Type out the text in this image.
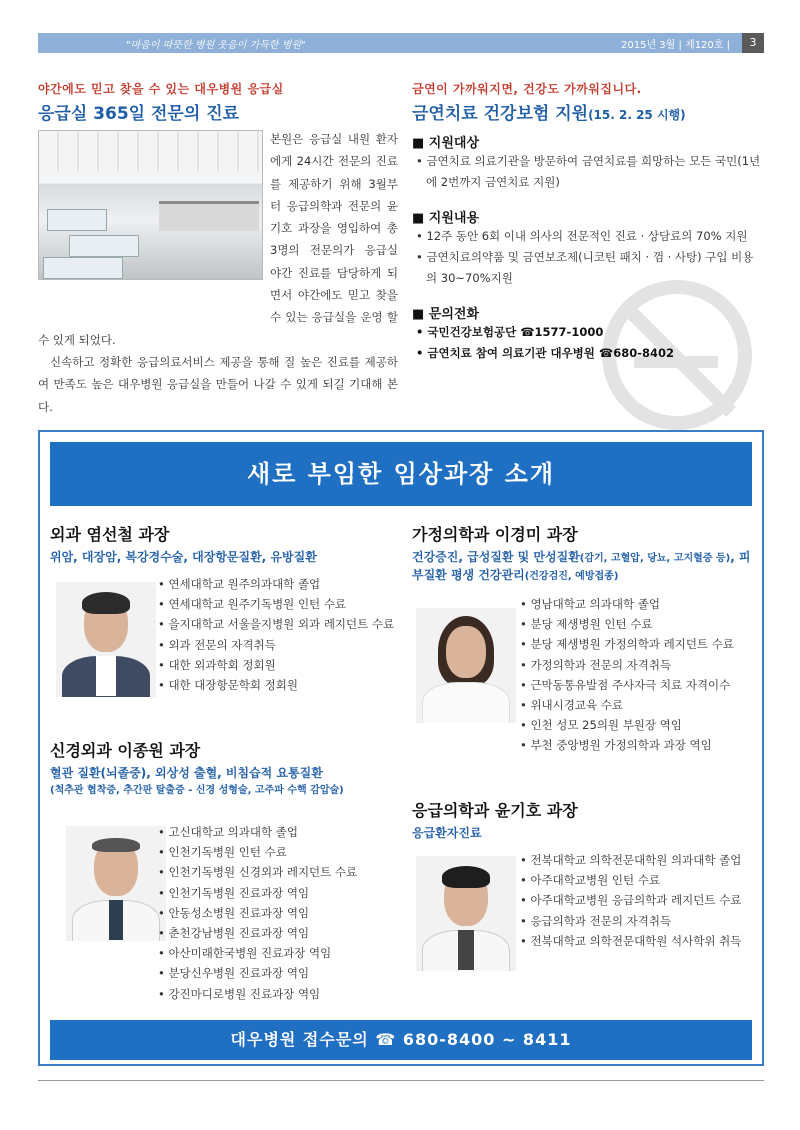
"마음이 따뜻한 병원 웃음이 가득한 병원"	2015년 3월 | 제120호 |	3
야간에도 믿고 찾을 수 있는 대우병원 응급실
응급실 365일 전문의 진료

본원은 응급실 내원 환자에게 24시간 전문의 진료를 제공하기 위해 3월부터 응급의학과 전문의 윤기호 과장을 영입하여 총 3명의 전문의가 응급실 야간 진료를 담당하게 되면서 야간에도 믿고 찾을 수 있는 응급실을 운영 할 수 있게 되었다.

신속하고 정확한 응급의료서비스 제공을 통해 질 높은 진료를 제공하여 만족도 높은 대우병원 응급실을 만들어 나갈 수 있게 되길 기대해 본다.

금연이 가까워지면, 건강도 가까워집니다.
금연치료 건강보험 지원(15. 2. 25 시행)
■ 지원대상
• 금연치료 의료기관을 방문하여 금연치료를 희망하는 모든 국민(1년에 2번까지 금연치료 지원)
■ 지원내용
• 12주 동안 6회 이내 의사의 전문적인 진료 · 상담료의 70% 지원
• 금연치료의약품 및 금연보조제(니코틴 패치 · 껌 · 사탕) 구입 비용의 30~70%지원
■ 문의전화
• 국민건강보험공단 ☎1577-1000
• 금연치료 참여 의료기관 대우병원 ☎680-8402
새로 부임한 임상과장 소개
외과 염선철 과장
위암, 대장암, 복강경수술, 대장항문질환, 유방질환
• 연세대학교 원주의과대학 졸업
• 연세대학교 원주기독병원 인턴 수료
• 을지대학교 서울을지병원 외과 레지던트 수료
• 외과 전문의 자격취득
• 대한 외과학회 정회원
• 대한 대장항문학회 정회원
신경외과 이종원 과장
혈관 질환(뇌졸중), 외상성 출혈, 비침습적 요통질환
(척추관 협착증, 추간판 탈출증 - 신경 성형술, 고주파 수핵 감압술)
• 고신대학교 의과대학 졸업
• 인천기독병원 인턴 수료
• 인천기독병원 신경외과 레지던트 수료
• 인천기독병원 진료과장 역임
• 안동성소병원 진료과장 역임
• 춘천강남병원 진료과장 역임
• 아산미래한국병원 진료과장 역임
• 분당신우병원 진료과장 역임
• 강진마디로병원 진료과장 역임
가정의학과 이경미 과장
건강증진, 급성질환 및 만성질환(감기, 고혈압, 당뇨, 고지혈증 등), 피부질환 평생 건강관리(건강검진, 예방접종)
• 영남대학교 의과대학 졸업
• 분당 제생병원 인턴 수료
• 분당 제생병원 가정의학과 레지던트 수료
• 가정의학과 전문의 자격취득
• 근막동통유발점 주사자극 치료 자격이수
• 위내시경교육 수료
• 인천 성모 25의원 부원장 역임
• 부천 중앙병원 가정의학과 과장 역임
응급의학과 윤기호 과장
응급환자진료
• 전북대학교 의학전문대학원 의과대학 졸업
• 아주대학교병원 인턴 수료
• 아주대학교병원 응급의학과 레지던트 수료
• 응급의학과 전문의 자격취득
• 전북대학교 의학전문대학원 석사학위 취득
대우병원 접수문의 ☎ 680-8400 ~ 8411
